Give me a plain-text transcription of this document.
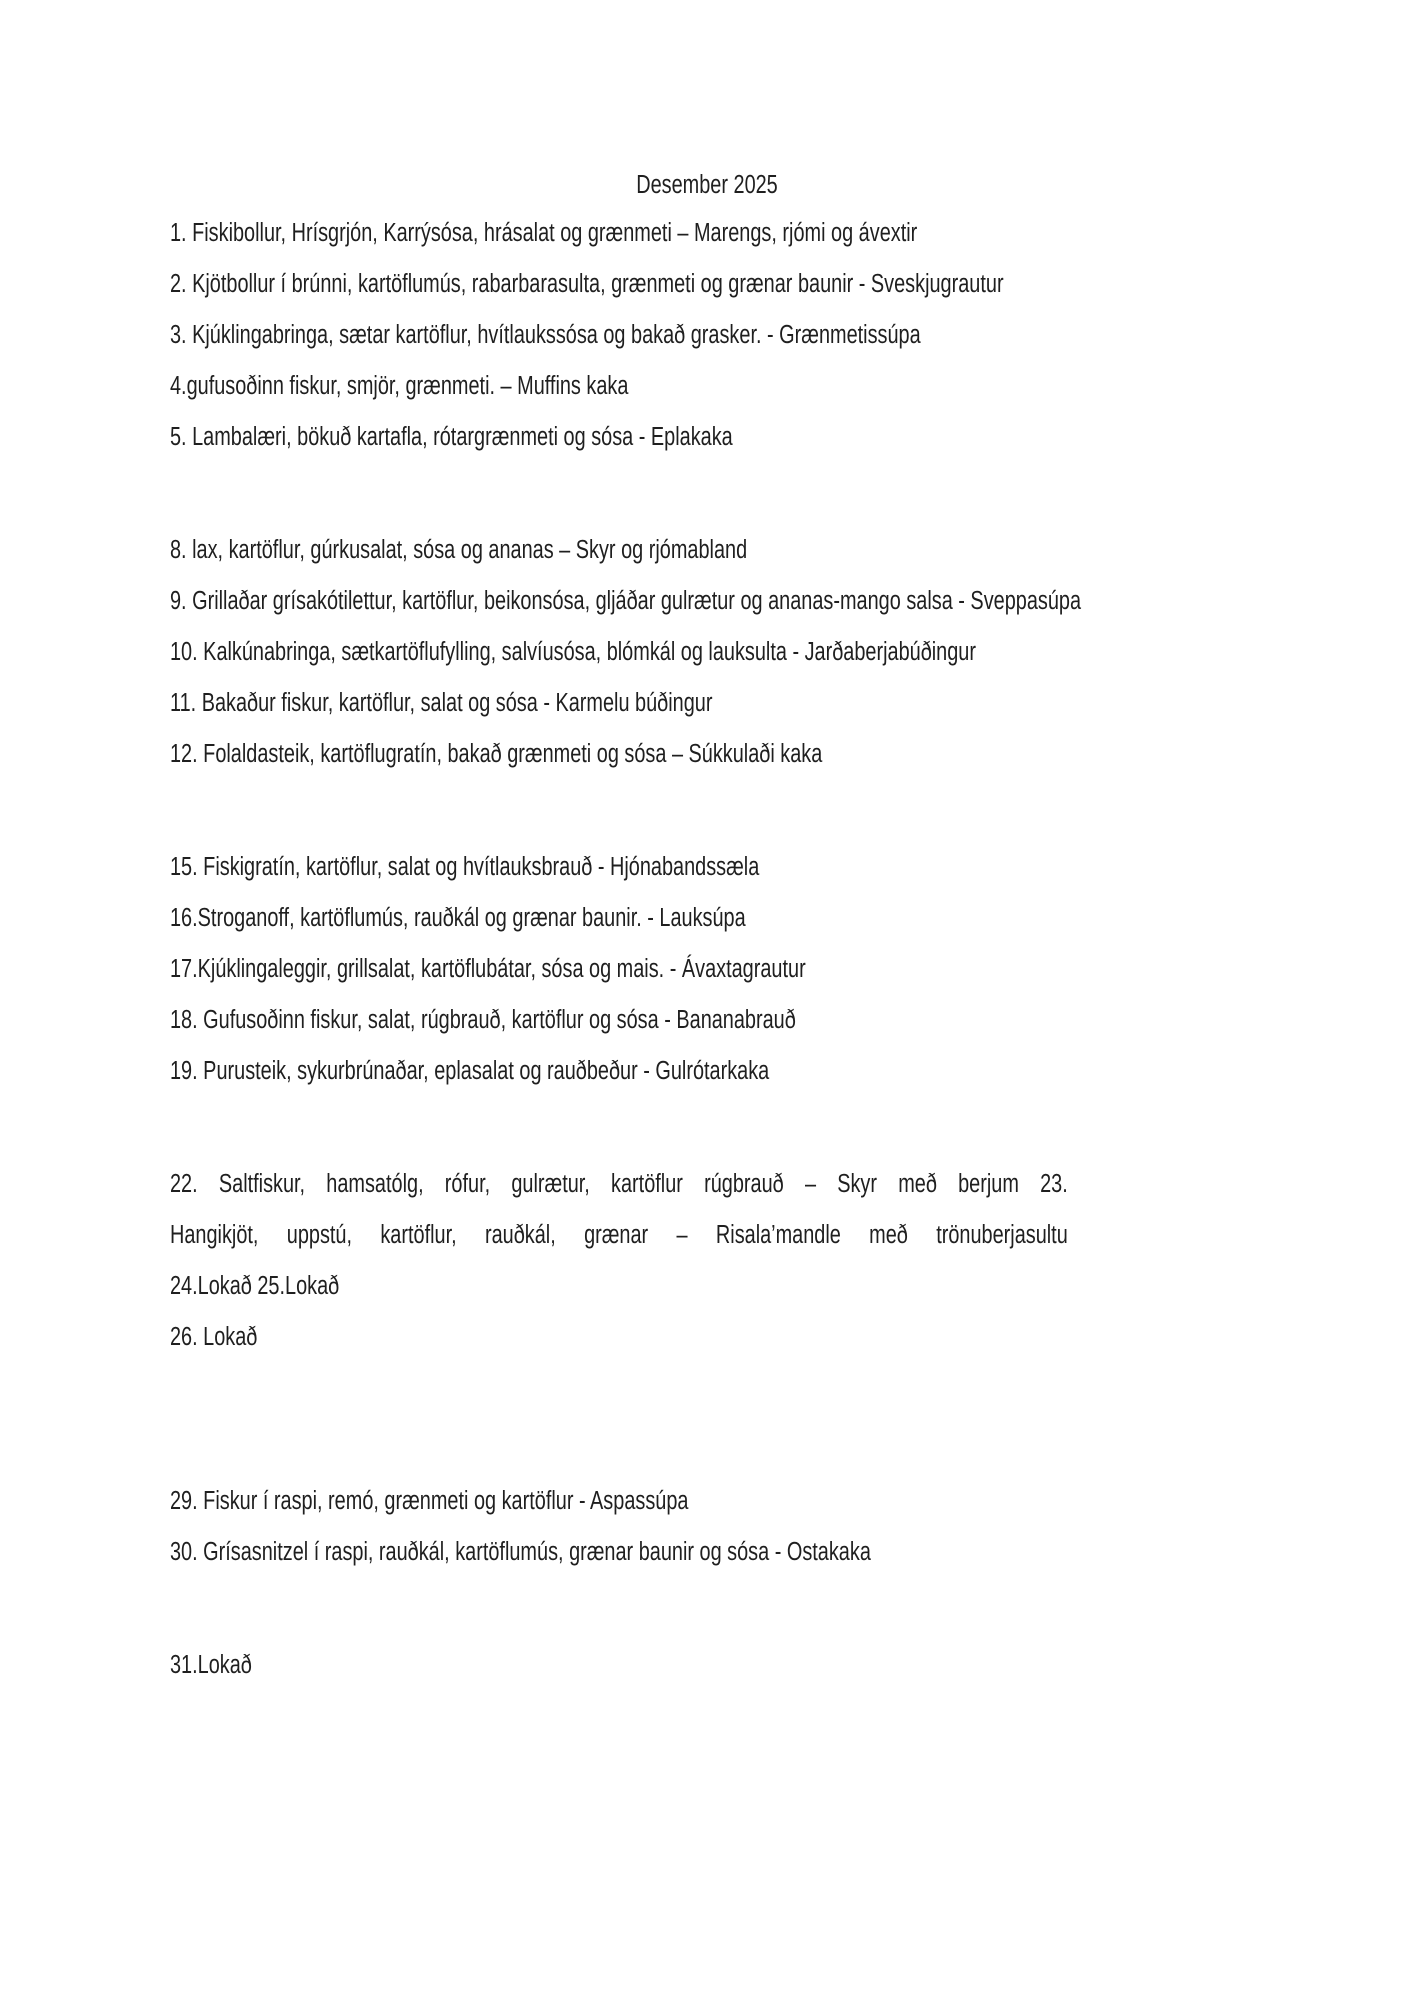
Desember 2025
1. Fiskibollur, Hrísgrjón, Karrýsósa, hrásalat og grænmeti – Marengs, rjómi og ávextir
2. Kjötbollur í brúnni, kartöflumús, rabarbarasulta, grænmeti og grænar baunir - Sveskjugrautur
3. Kjúklingabringa, sætar kartöflur, hvítlaukssósa og bakað grasker. - Grænmetissúpa
4.gufusoðinn fiskur, smjör, grænmeti. – Muffins kaka
5. Lambalæri, bökuð kartafla, rótargrænmeti og sósa - Eplakaka
8. lax, kartöflur, gúrkusalat, sósa og ananas – Skyr og rjómabland
9. Grillaðar grísakótilettur, kartöflur, beikonsósa, gljáðar gulrætur og ananas-mango salsa - Sveppasúpa
10. Kalkúnabringa, sætkartöflufylling, salvíusósa, blómkál og lauksulta - Jarðaberjabúðingur
11. Bakaður fiskur, kartöflur, salat og sósa - Karmelu búðingur
12. Folaldasteik, kartöflugratín, bakað grænmeti og sósa – Súkkulaði kaka
15. Fiskigratín, kartöflur, salat og hvítlauksbrauð - Hjónabandssæla
16.Stroganoff, kartöflumús, rauðkál og grænar baunir. - Lauksúpa
17.Kjúklingaleggir, grillsalat, kartöflubátar, sósa og mais. - Ávaxtagrautur
18. Gufusoðinn fiskur, salat, rúgbrauð, kartöflur og sósa - Bananabrauð
19. Purusteik, sykurbrúnaðar, eplasalat og rauðbeður - Gulrótarkaka
22. Saltfiskur, hamsatólg, rófur, gulrætur, kartöflur rúgbrauð – Skyr með berjum 23.
Hangikjöt, uppstú, kartöflur, rauðkál, grænar – Risala’mandle með trönuberjasultu
24.Lokað 25.Lokað
26. Lokað
29. Fiskur í raspi, remó, grænmeti og kartöflur - Aspassúpa
30. Grísasnitzel í raspi, rauðkál, kartöflumús, grænar baunir og sósa - Ostakaka
31.Lokað
